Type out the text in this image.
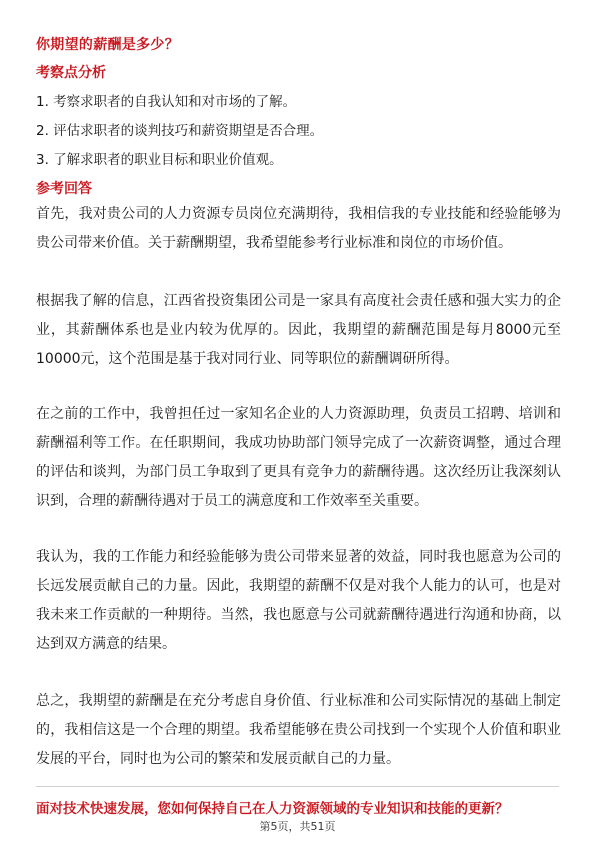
你期望的薪酬是多少？
考察点分析
1. 考察求职者的自我认知和对市场的了解。
2. 评估求职者的谈判技巧和薪资期望是否合理。
3. 了解求职者的职业目标和职业价值观。
参考回答
首先，我对贵公司的人力资源专员岗位充满期待，我相信我的专业技能和经验能够为贵公司带来价值。关于薪酬期望，我希望能参考行业标准和岗位的市场价值。
根据我了解的信息，江西省投资集团公司是一家具有高度社会责任感和强大实力的企业，其薪酬体系也是业内较为优厚的。因此，我期望的薪酬范围是每月8000元至10000元，这个范围是基于我对同行业、同等职位的薪酬调研所得。
在之前的工作中，我曾担任过一家知名企业的人力资源助理，负责员工招聘、培训和薪酬福利等工作。在任职期间，我成功协助部门领导完成了一次薪资调整，通过合理的评估和谈判，为部门员工争取到了更具有竞争力的薪酬待遇。这次经历让我深刻认识到，合理的薪酬待遇对于员工的满意度和工作效率至关重要。
我认为，我的工作能力和经验能够为贵公司带来显著的效益，同时我也愿意为公司的长远发展贡献自己的力量。因此，我期望的薪酬不仅是对我个人能力的认可，也是对我未来工作贡献的一种期待。当然，我也愿意与公司就薪酬待遇进行沟通和协商，以达到双方满意的结果。
总之，我期望的薪酬是在充分考虑自身价值、行业标准和公司实际情况的基础上制定的，我相信这是一个合理的期望。我希望能够在贵公司找到一个实现个人价值和职业发展的平台，同时也为公司的繁荣和发展贡献自己的力量。
面对技术快速发展，您如何保持自己在人力资源领域的专业知识和技能的更新？
第5页，共51页
